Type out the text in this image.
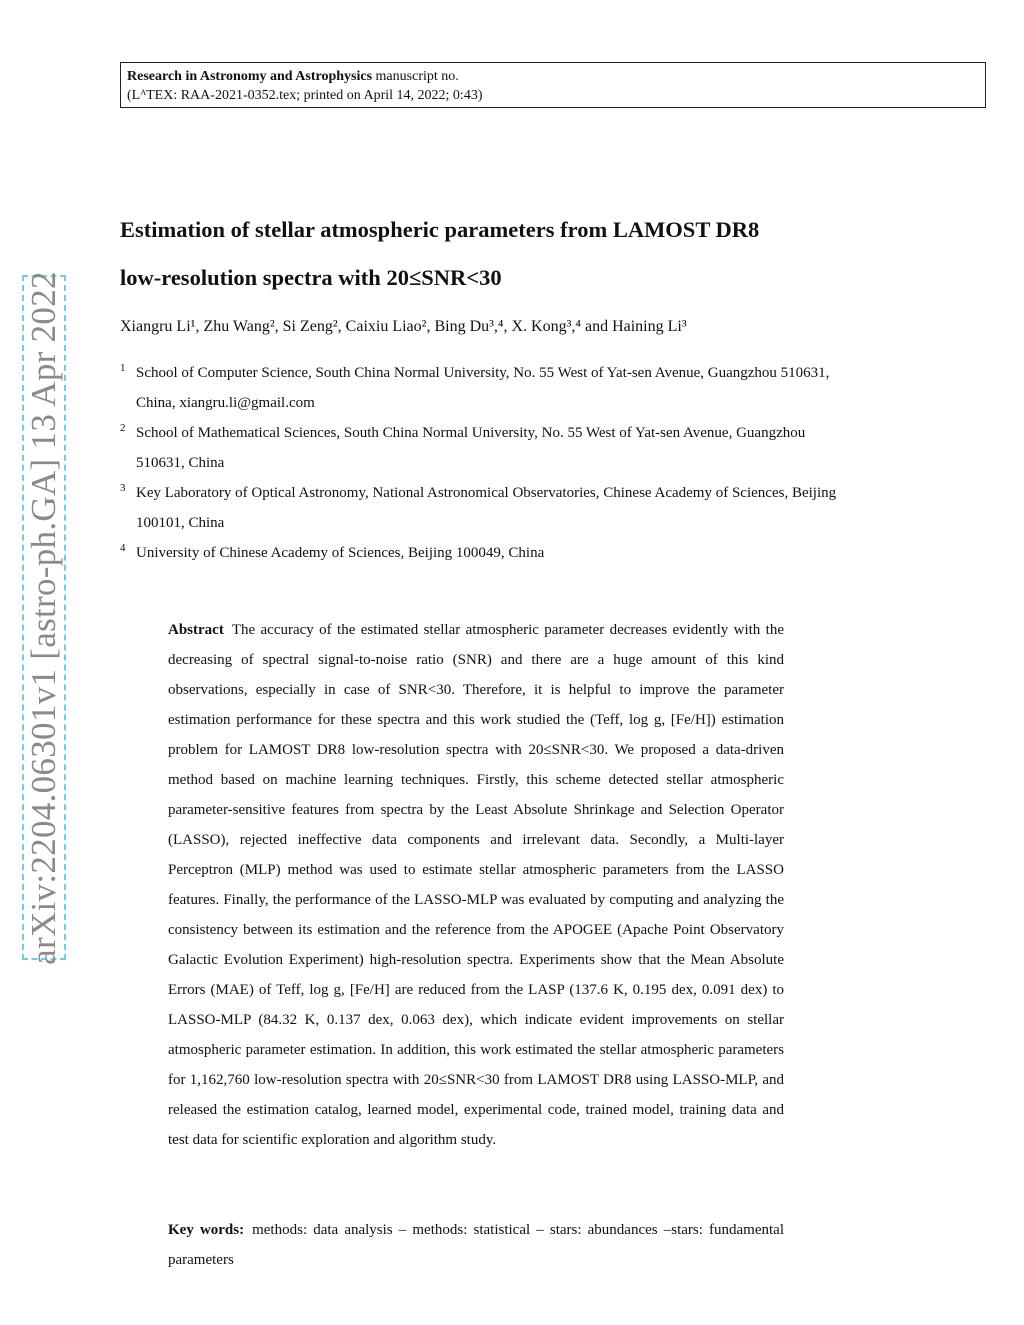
Research in Astronomy and Astrophysics manuscript no.
(LᴬTEX: RAA-2021-0352.tex; printed on April 14, 2022; 0:43)
arXiv:2204.06301v1 [astro-ph.GA] 13 Apr 2022
Estimation of stellar atmospheric parameters from LAMOST DR8
low-resolution spectra with 20≤SNR<30
Xiangru Li¹, Zhu Wang², Si Zeng², Caixiu Liao², Bing Du³,⁴, X. Kong³,⁴ and Haining Li³
1 School of Computer Science, South China Normal University, No. 55 West of Yat-sen Avenue, Guangzhou 510631, China, xiangru.li@gmail.com
2 School of Mathematical Sciences, South China Normal University, No. 55 West of Yat-sen Avenue, Guangzhou 510631, China
3 Key Laboratory of Optical Astronomy, National Astronomical Observatories, Chinese Academy of Sciences, Beijing 100101, China
4 University of Chinese Academy of Sciences, Beijing 100049, China
Abstract The accuracy of the estimated stellar atmospheric parameter decreases evidently with the decreasing of spectral signal-to-noise ratio (SNR) and there are a huge amount of this kind observations, especially in case of SNR<30. Therefore, it is helpful to improve the parameter estimation performance for these spectra and this work studied the (Teff, log g, [Fe/H]) estimation problem for LAMOST DR8 low-resolution spectra with 20≤SNR<30. We proposed a data-driven method based on machine learning techniques. Firstly, this scheme detected stellar atmospheric parameter-sensitive features from spectra by the Least Absolute Shrinkage and Selection Operator (LASSO), rejected ineffective data components and irrelevant data. Secondly, a Multi-layer Perceptron (MLP) method was used to estimate stellar atmospheric parameters from the LASSO features. Finally, the performance of the LASSO-MLP was evaluated by computing and analyzing the consistency between its estimation and the reference from the APOGEE (Apache Point Observatory Galactic Evolution Experiment) high-resolution spectra. Experiments show that the Mean Absolute Errors (MAE) of Teff, log g, [Fe/H] are reduced from the LASP (137.6 K, 0.195 dex, 0.091 dex) to LASSO-MLP (84.32 K, 0.137 dex, 0.063 dex), which indicate evident improvements on stellar atmospheric parameter estimation. In addition, this work estimated the stellar atmospheric parameters for 1,162,760 low-resolution spectra with 20≤SNR<30 from LAMOST DR8 using LASSO-MLP, and released the estimation catalog, learned model, experimental code, trained model, training data and test data for scientific exploration and algorithm study.
Key words: methods: data analysis – methods: statistical – stars: abundances –stars: fundamental parameters
